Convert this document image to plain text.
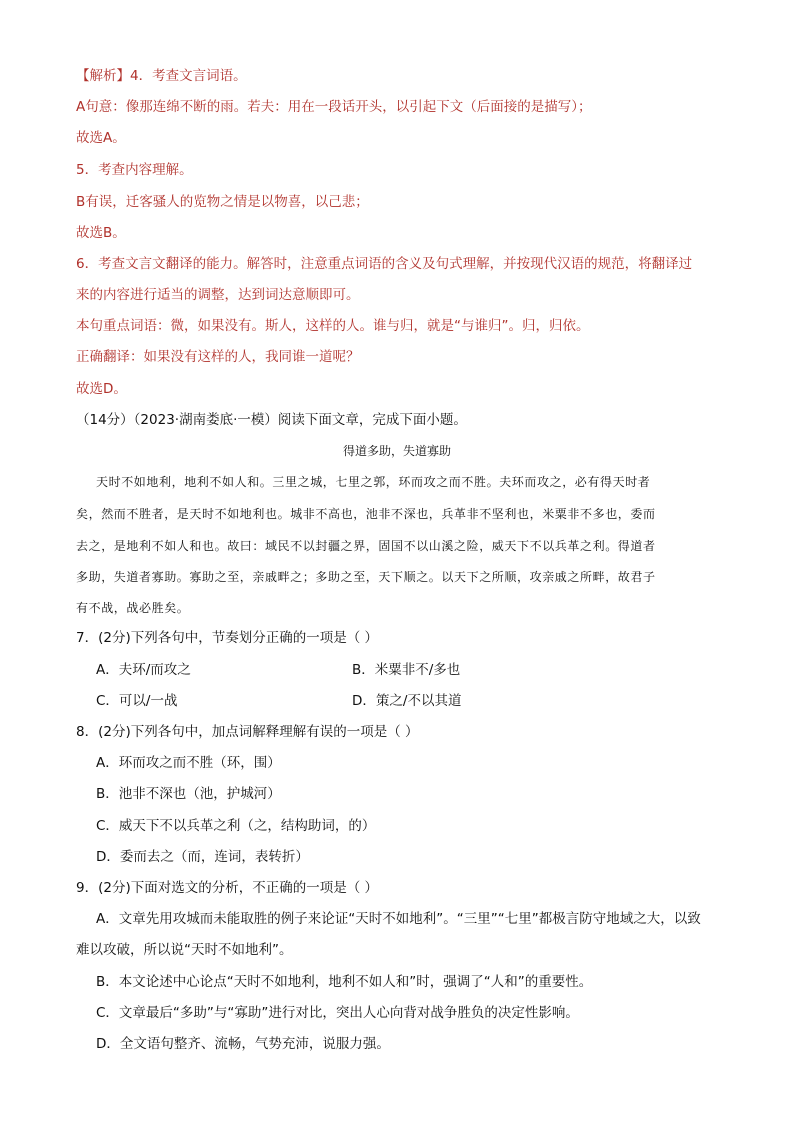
【解析】4．考查文言词语。
A句意：像那连绵不断的雨。若夫：用在一段话开头，以引起下文（后面接的是描写）；
故选A。
5．考查内容理解。
B有误，迁客骚人的览物之情是以物喜，以己悲；
故选B。
6．考查文言文翻译的能力。解答时，注意重点词语的含义及句式理解，并按现代汉语的规范，将翻译过
来的内容进行适当的调整，达到词达意顺即可。
本句重点词语：微，如果没有。斯人，这样的人。谁与归，就是“与谁归”。归，归依。
正确翻译：如果没有这样的人，我同谁一道呢？
故选D。
（14分）（2023·湖南娄底·一模）阅读下面文章，完成下面小题。
得道多助，失道寡助
天时不如地利，地利不如人和。三里之城，七里之郭，环而攻之而不胜。夫环而攻之，必有得天时者
矣，然而不胜者，是天时不如地利也。城非不高也，池非不深也，兵革非不坚利也，米粟非不多也，委而
去之，是地利不如人和也。故曰：域民不以封疆之界，固国不以山溪之险，威天下不以兵革之利。得道者
多助，失道者寡助。寡助之至，亲戚畔之；多助之至，天下顺之。以天下之所顺，攻亲戚之所畔，故君子
有不战，战必胜矣。
7．(2分)下列各句中，节奏划分正确的一项是（ ）
A．夫环/而攻之	B．米粟非不/多也
C．可以/一战	D．策之/不以其道
8．(2分)下列各句中，加点词解释理解有误的一项是（ ）
A．环而攻之而不胜（环，围）
B．池非不深也（池，护城河）
C．威天下不以兵革之利（之，结构助词，的）
D．委而去之（而，连词，表转折）
9．(2分)下面对选文的分析，不正确的一项是（ ）
A．文章先用攻城而未能取胜的例子来论证“天时不如地利”。“三里”“七里”都极言防守地域之大，以致
难以攻破，所以说“天时不如地利”。
B．本文论述中心论点“天时不如地利，地利不如人和”时，强调了“人和”的重要性。
C．文章最后“多助”与“寡助”进行对比，突出人心向背对战争胜负的决定性影响。
D．全文语句整齐、流畅，气势充沛，说服力强。
